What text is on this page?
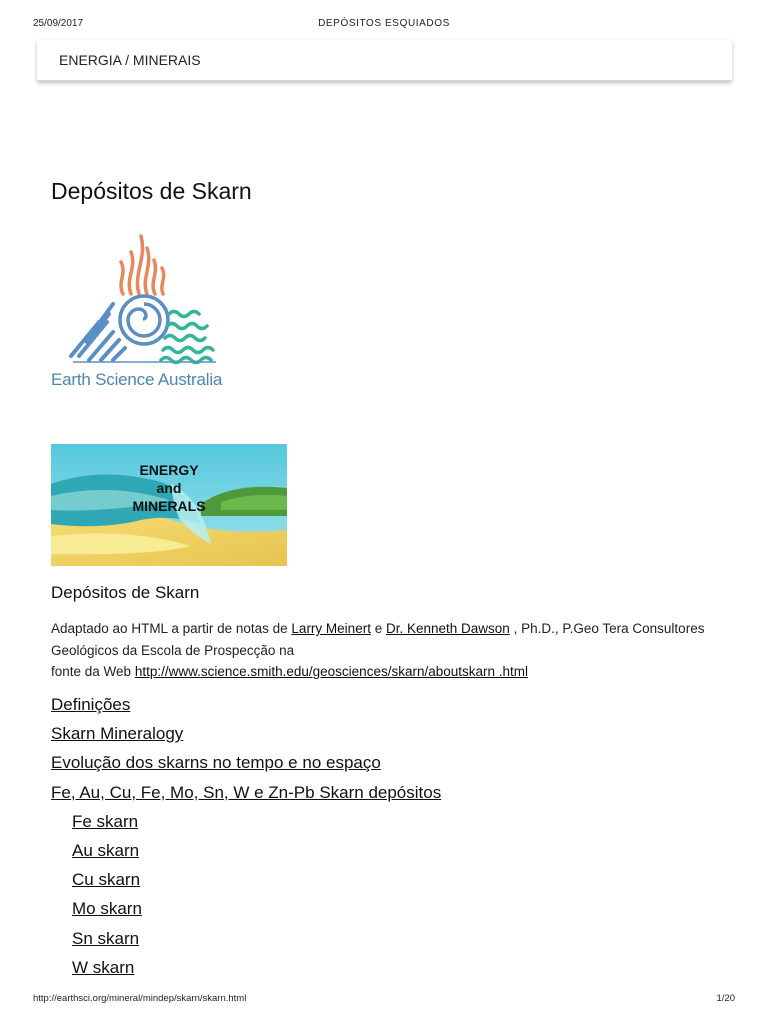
25/09/2017	DEPÓSITOS ESQUIADOS
ENERGIA / MINERAIS
Depósitos de Skarn
Earth Science Australia
ENERGY
and
MINERALS
Depósitos de Skarn
Adaptado ao HTML a partir de notas de Larry Meinert e Dr. Kenneth Dawson , Ph.D., P.Geo Tera Consultores Geológicos da Escola de Prospecção na
fonte da Web http://www.science.smith.edu/geosciences/skarn/aboutskarn .html
Definições
Skarn Mineralogy
Evolução dos skarns no tempo e no espaço
Fe, Au, Cu, Fe, Mo, Sn, W e Zn-Pb Skarn depósitos
Fe skarn
Au skarn
Cu skarn
Mo skarn
Sn skarn
W skarn
http://earthsci.org/mineral/mindep/skarn/skarn.html	1/20
